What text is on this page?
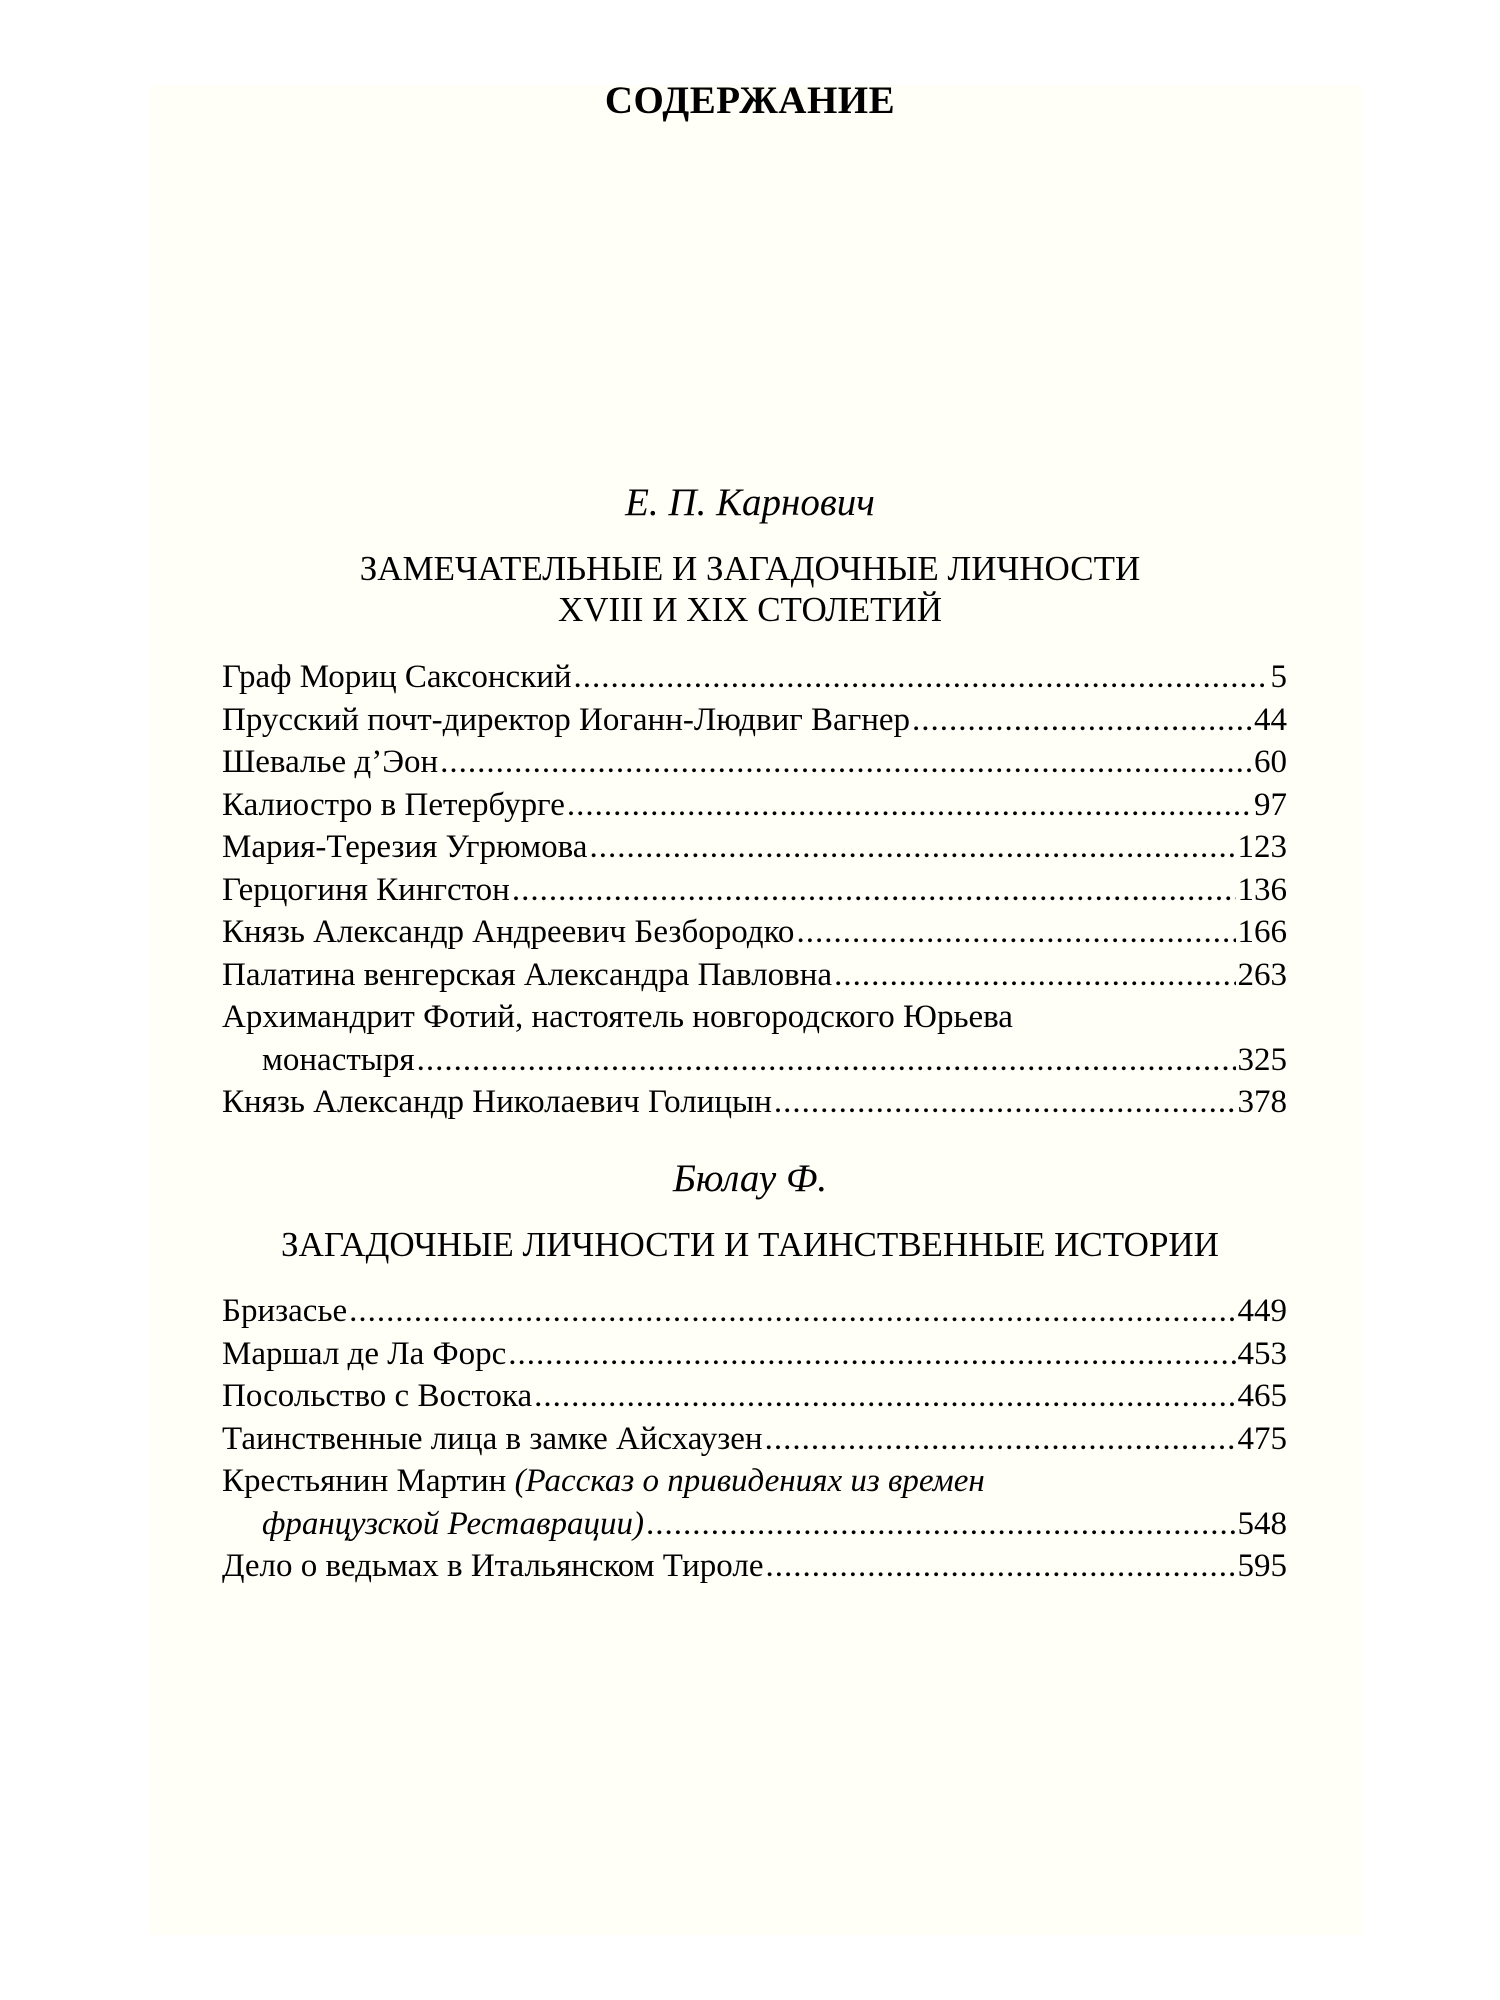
СОДЕРЖАНИЕ
Е. П. Карнович
ЗАМЕЧАТЕЛЬНЫЕ И ЗАГАДОЧНЫЕ ЛИЧНОСТИ
XVIII И XIX СТОЛЕТИЙ
Граф Мориц Саксонский .....	5
Прусский почт-директор Иоганн-Людвиг Вагнер .....	44
Шевалье д’Эон .....	60
Калиостро в Петербурге .....	97
Мария-Терезия Угрюмова .....	123
Герцогиня Кингстон .....	136
Князь Александр Андреевич Безбородко .....	166
Палатина венгерская Александра Павловна .....	263
Архимандрит Фотий, настоятель новгородского Юрьева
монастыря .....	325
Князь Александр Николаевич Голицын .....	378
Бюлау Ф.
ЗАГАДОЧНЫЕ ЛИЧНОСТИ И ТАИНСТВЕННЫЕ ИСТОРИИ
Бризасье .....	449
Маршал де Ла Форс .....	453
Посольство с Востока .....	465
Таинственные лица в замке Айсхаузен .....	475
Крестьянин Мартин (Рассказ о привидениях из времен
французской Реставрации) .....	548
Дело о ведьмах в Итальянском Тироле .....	595
